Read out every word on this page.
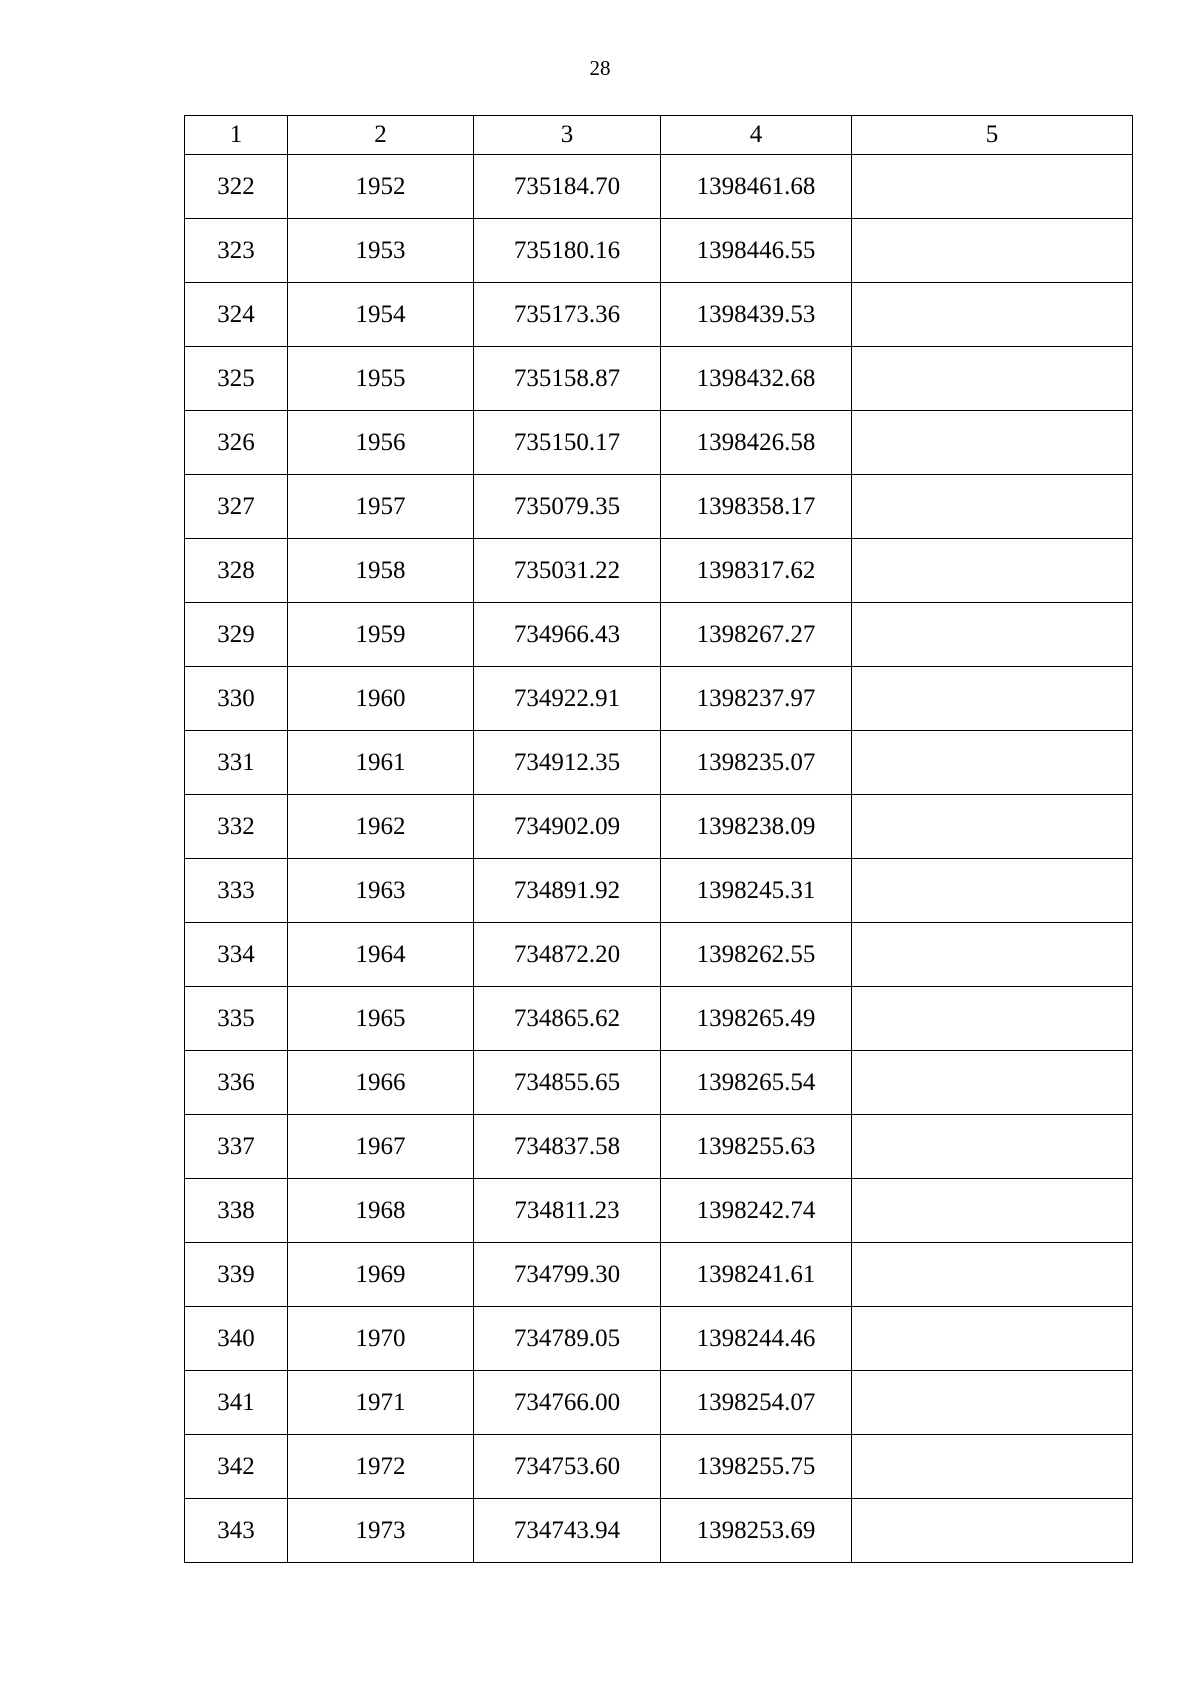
28
1	2	3	4	5
322	1952	735184.70	1398461.68	
323	1953	735180.16	1398446.55	
324	1954	735173.36	1398439.53	
325	1955	735158.87	1398432.68	
326	1956	735150.17	1398426.58	
327	1957	735079.35	1398358.17	
328	1958	735031.22	1398317.62	
329	1959	734966.43	1398267.27	
330	1960	734922.91	1398237.97	
331	1961	734912.35	1398235.07	
332	1962	734902.09	1398238.09	
333	1963	734891.92	1398245.31	
334	1964	734872.20	1398262.55	
335	1965	734865.62	1398265.49	
336	1966	734855.65	1398265.54	
337	1967	734837.58	1398255.63	
338	1968	734811.23	1398242.74	
339	1969	734799.30	1398241.61	
340	1970	734789.05	1398244.46	
341	1971	734766.00	1398254.07	
342	1972	734753.60	1398255.75	
343	1973	734743.94	1398253.69	
